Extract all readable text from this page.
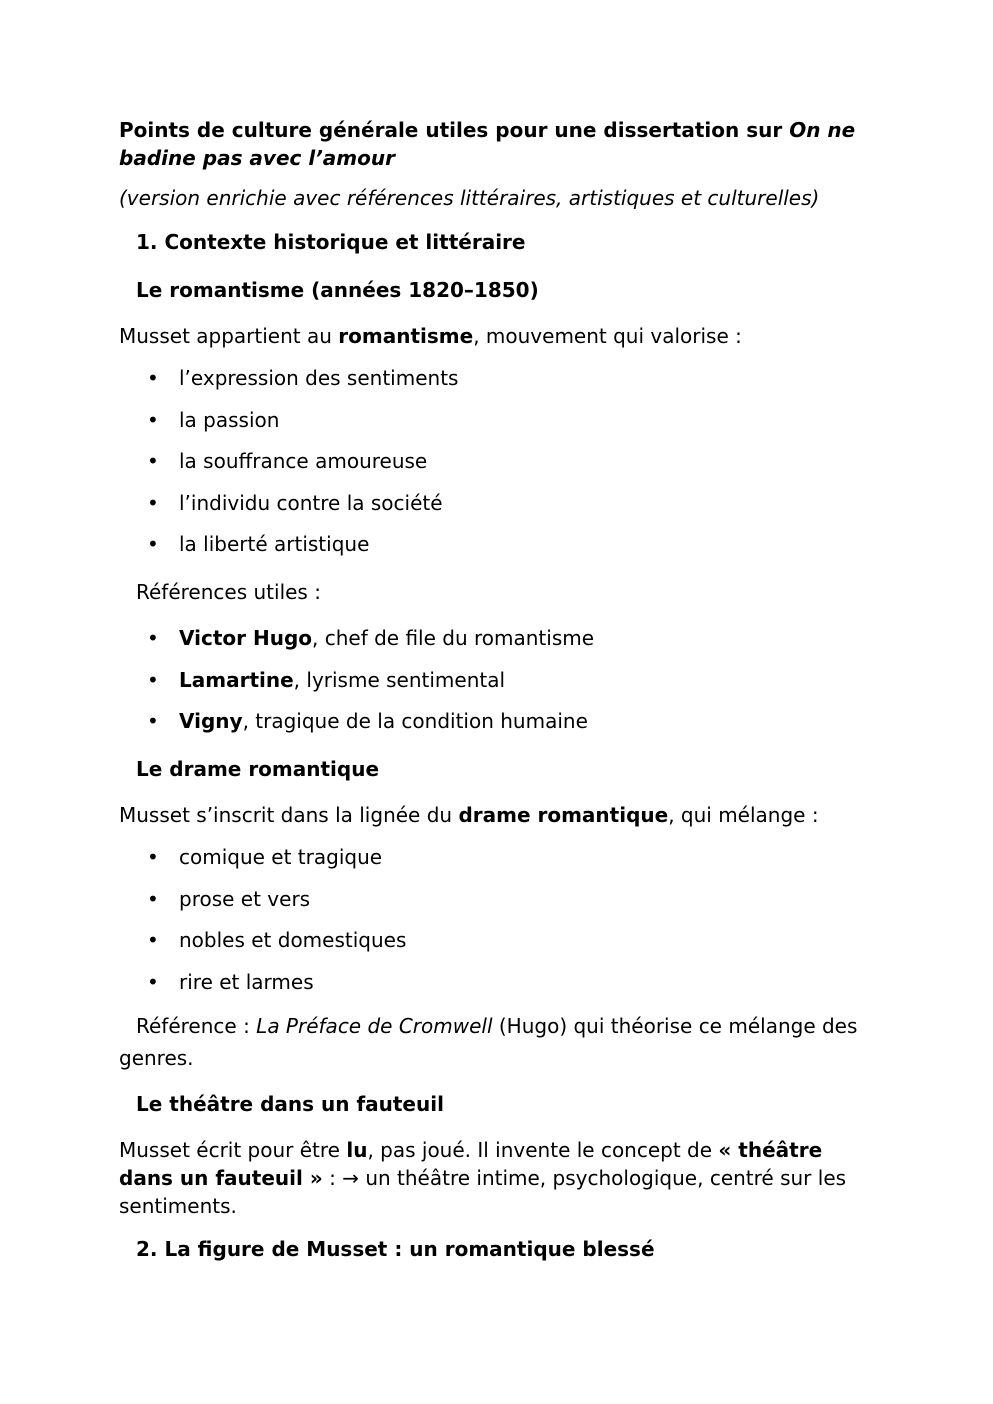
Points de culture générale utiles pour une dissertation sur On ne badine pas avec l’amour

(version enrichie avec références littéraires, artistiques et culturelles)

1. Contexte historique et littéraire

Le romantisme (années 1820–1850)

Musset appartient au romantisme, mouvement qui valorise :

• l’expression des sentiments
• la passion
• la souffrance amoureuse
• l’individu contre la société
• la liberté artistique

Références utiles :

• Victor Hugo, chef de file du romantisme
• Lamartine, lyrisme sentimental
• Vigny, tragique de la condition humaine

Le drame romantique

Musset s’inscrit dans la lignée du drame romantique, qui mélange :

• comique et tragique
• prose et vers
• nobles et domestiques
• rire et larmes

Référence : La Préface de Cromwell (Hugo) qui théorise ce mélange des genres.

Le théâtre dans un fauteuil

Musset écrit pour être lu, pas joué. Il invente le concept de « théâtre dans un fauteuil » : → un théâtre intime, psychologique, centré sur les sentiments.

2. La figure de Musset : un romantique blessé
